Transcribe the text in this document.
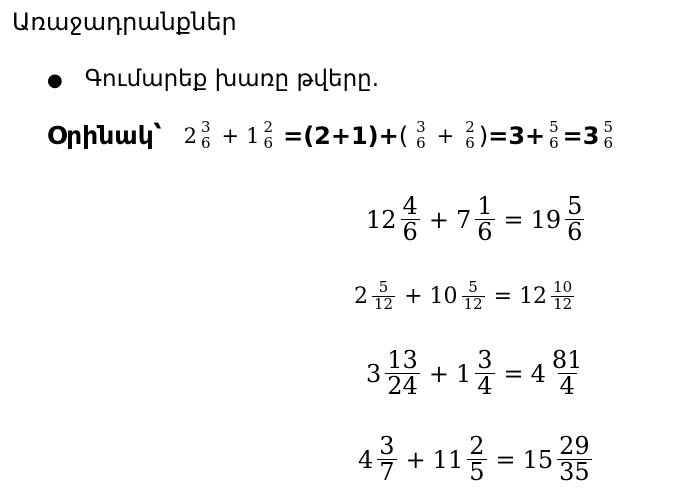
Առաջադրանքներ
● Գումարեք խառը թվերը.
Օրինակ՝ 2 3
6 + 1 2
6 =(2+1)+ ( 3
6 + 2
6 ) =3+ 5
6 =3 5
6
$12 \frac{4}{6} + 7 \frac{1}{6} = 19 \frac{5}{6}$
$2 \frac{5}{12} + 10 \frac{5}{12} = 12 \frac{10}{12}$
$3 \frac{13}{24} + 1 \frac{3}{4} = 4 \frac{81}{4}$
$4 \frac{3}{7} + 11 \frac{2}{5} = 15 \frac{29}{35}$
